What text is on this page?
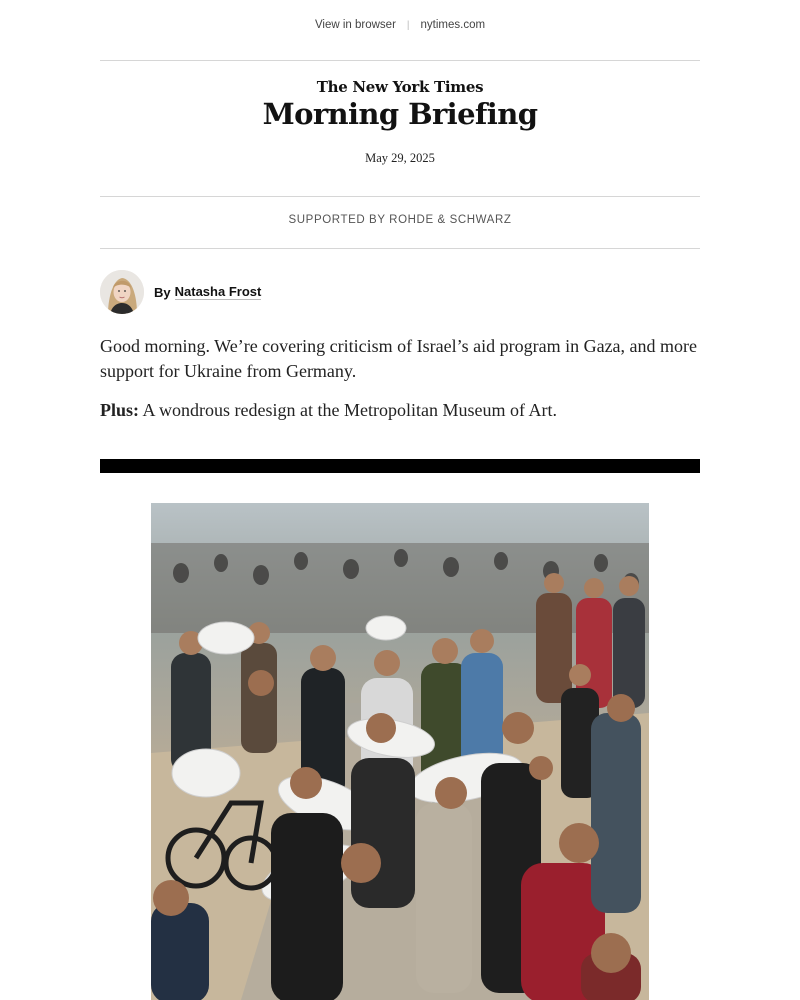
View in browser | nytimes.com
The New York Times
Morning Briefing
May 29, 2025
SUPPORTED BY ROHDE & SCHWARZ
By Natasha Frost

Good morning. We’re covering criticism of Israel’s aid program in Gaza, and more support for Ukraine from Germany.

Plus: A wondrous redesign at the Metropolitan Museum of Art.
